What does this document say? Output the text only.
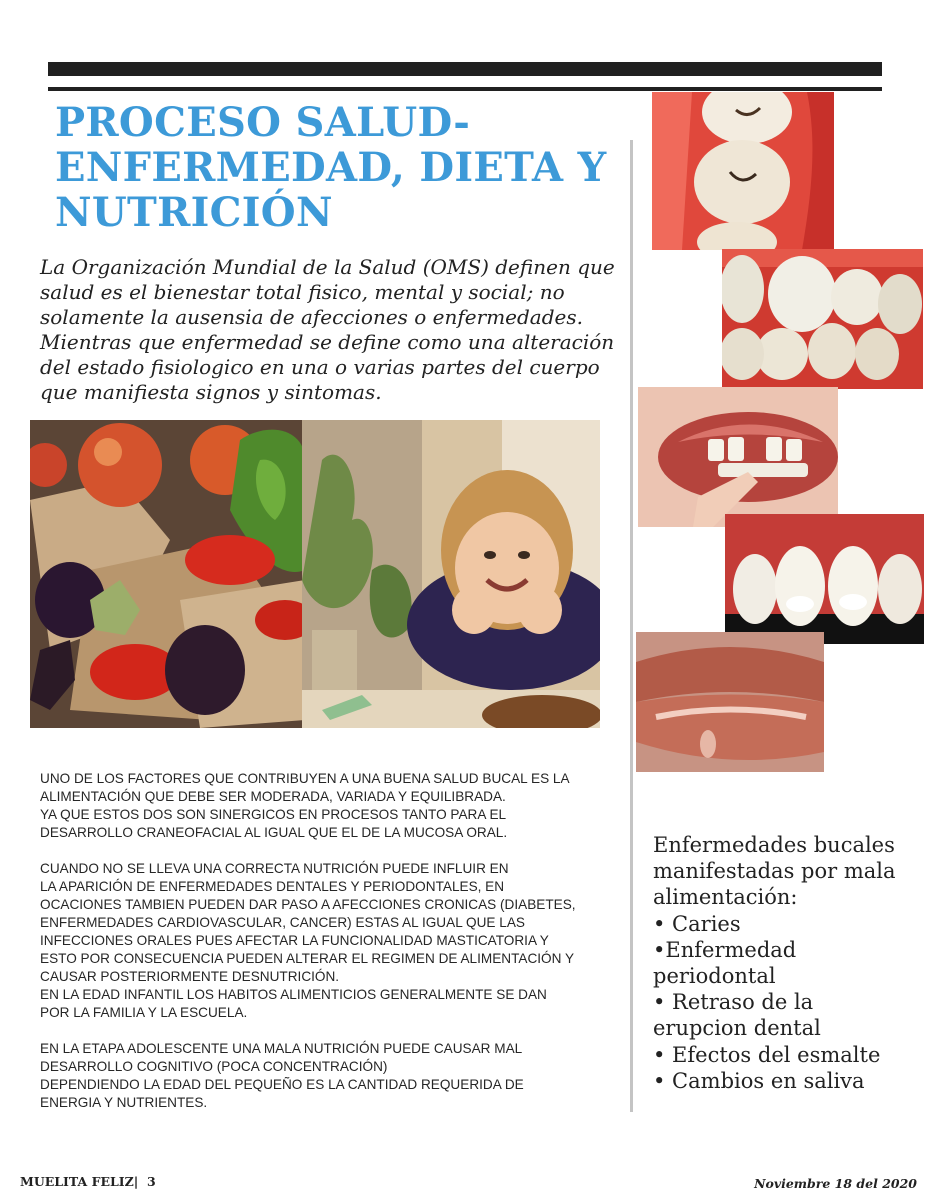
PROCESO SALUD-
ENFERMEDAD, DIETA Y
NUTRICIÓN

La Organización Mundial de la Salud (OMS) definen que salud es el bienestar total fisico, mental y social; no solamente la ausensia de afecciones o enfermedades. Mientras que enfermedad se define como una alteración del estado fisiologico en una o varias partes del cuerpo que manifiesta signos y sintomas.

UNO DE LOS FACTORES QUE CONTRIBUYEN A UNA BUENA SALUD BUCAL ES LA
ALIMENTACIÓN QUE DEBE SER MODERADA, VARIADA Y EQUILIBRADA.
YA QUE ESTOS DOS SON SINERGICOS EN PROCESOS TANTO PARA EL
DESARROLLO CRANEOFACIAL AL IGUAL QUE EL DE LA MUCOSA ORAL.

CUANDO NO SE LLEVA UNA CORRECTA NUTRICIÓN PUEDE INFLUIR EN
LA APARICIÓN DE ENFERMEDADES DENTALES Y PERIODONTALES, EN
OCACIONES TAMBIEN PUEDEN DAR PASO A AFECCIONES CRONICAS (DIABETES,
ENFERMEDADES CARDIOVASCULAR, CANCER) ESTAS AL IGUAL QUE LAS
INFECCIONES ORALES PUES AFECTAR LA FUNCIONALIDAD MASTICATORIA Y
ESTO POR CONSECUENCIA PUEDEN ALTERAR EL REGIMEN DE ALIMENTACIÓN Y
CAUSAR POSTERIORMENTE DESNUTRICIÓN.
EN LA EDAD INFANTIL LOS HABITOS ALIMENTICIOS GENERALMENTE SE DAN
POR LA FAMILIA Y LA ESCUELA.

EN LA ETAPA ADOLESCENTE UNA MALA NUTRICIÓN PUEDE CAUSAR MAL
DESARROLLO COGNITIVO (POCA CONCENTRACIÓN)
DEPENDIENDO LA EDAD DEL PEQUEÑO ES LA CANTIDAD REQUERIDA DE
ENERGIA Y NUTRIENTES.

Enfermedades bucales
manifestadas por mala
alimentación:
• Caries
•Enfermedad
periodontal
• Retraso de la
erupcion dental
• Efectos del esmalte
• Cambios en saliva
MUELITA FELIZ| 3	Noviembre 18 del 2020
